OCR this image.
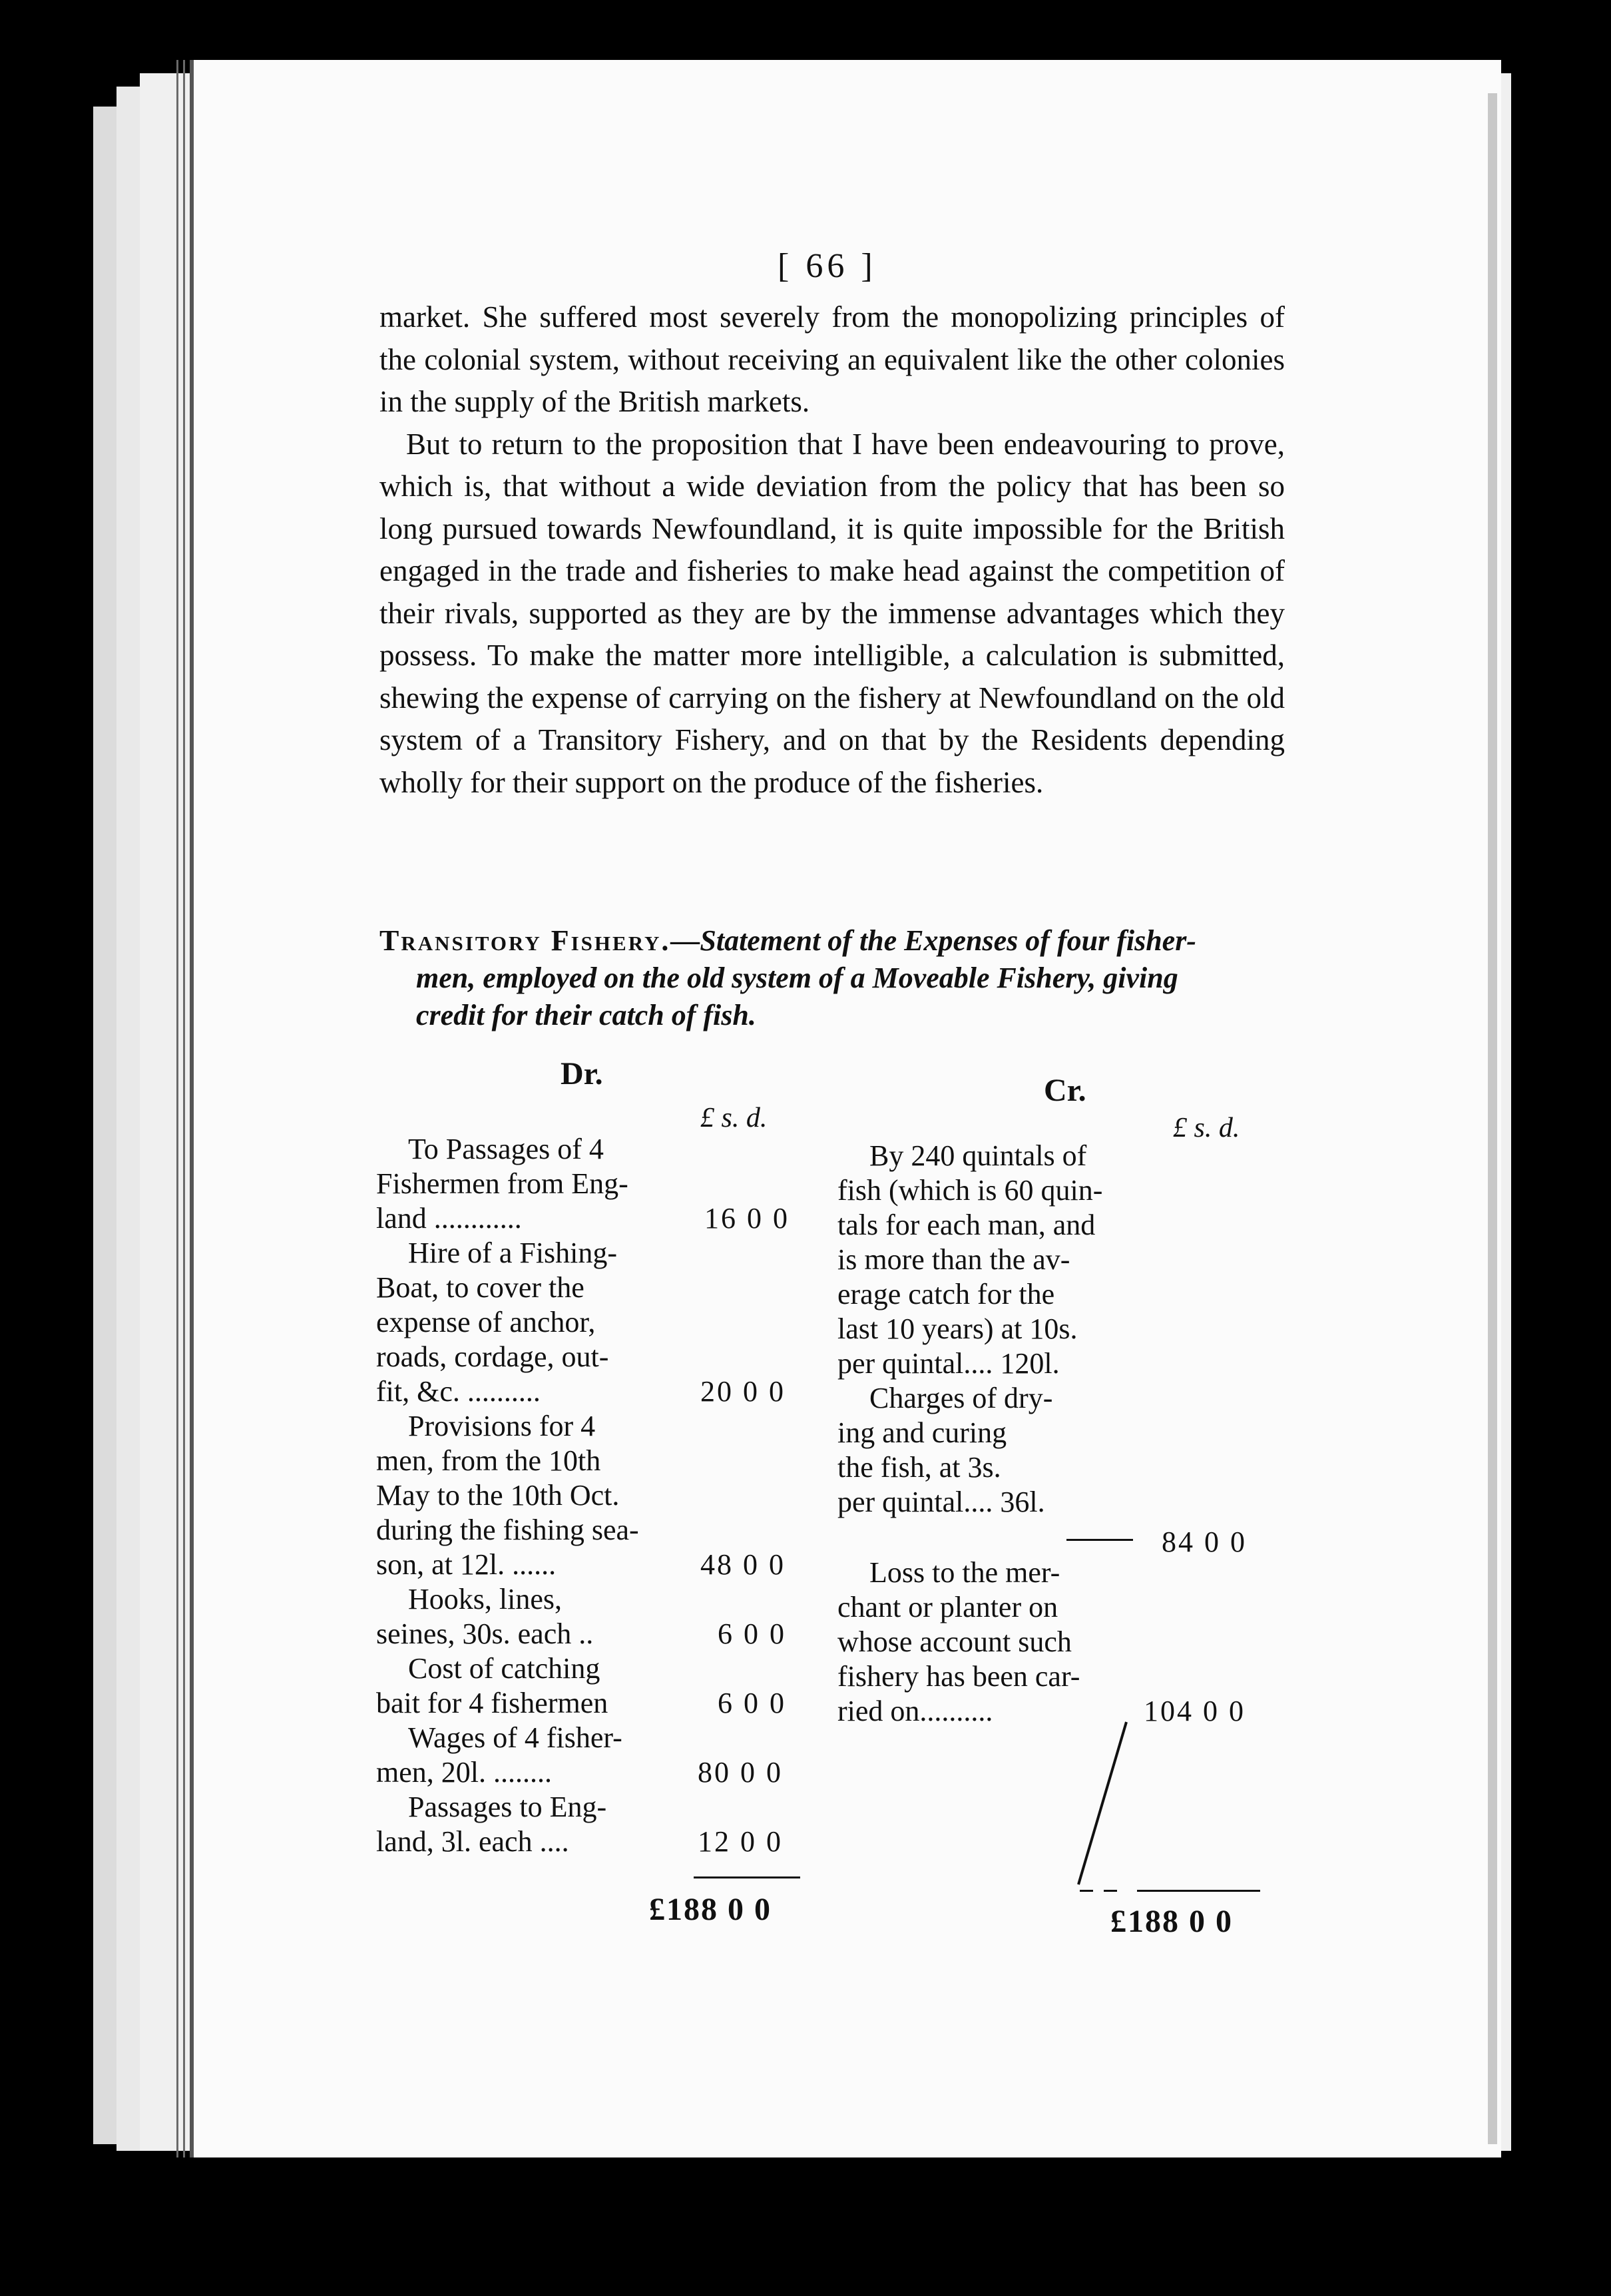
[ 66 ]

market. She suffered most severely from the monopolizing principles of the colonial system, without receiving an equivalent like the other colonies in the supply of the British markets.

But to return to the proposition that I have been endeavouring to prove, which is, that without a wide deviation from the policy that has been so long pursued towards Newfoundland, it is quite impossible for the British engaged in the trade and fisheries to make head against the competition of their rivals, supported as they are by the immense advantages which they possess. To make the matter more intelligible, a calculation is submitted, shewing the expense of carrying on the fishery at Newfoundland on the old system of a Transitory Fishery, and on that by the Residents depending wholly for their support on the produce of the fisheries.

Transitory Fishery.—Statement of the Expenses of four fisher-
men, employed on the old system of a Moveable Fishery, giving
credit for their catch of fish.
Dr.
£ s. d.
To Passages of 4
Fishermen from Eng-
land ............	16 0 0
Hire of a Fishing-
Boat, to cover the
expense of anchor,
roads, cordage, out-
fit, &c. ..........	20 0 0
Provisions for 4
men, from the 10th
May to the 10th Oct.
during the fishing sea-
son, at 12l. ......	48 0 0
Hooks, lines,
seines, 30s. each ..	6 0 0
Cost of catching
bait for 4 fishermen	6 0 0
Wages of 4 fisher-
men, 20l. ........	80 0 0
Passages to Eng-
land, 3l. each ....	12 0 0
£188 0 0
Cr.
£ s. d.
By 240 quintals of
fish (which is 60 quin-
tals for each man, and
is more than the av-
erage catch for the
last 10 years) at 10s.
per quintal.... 120l.
Charges of dry-
ing and curing
the fish, at 3s.
per quintal.... 36l.
84 0 0
Loss to the mer-
chant or planter on
whose account such
fishery has been car-
ried on..........	104 0 0
£188 0 0
